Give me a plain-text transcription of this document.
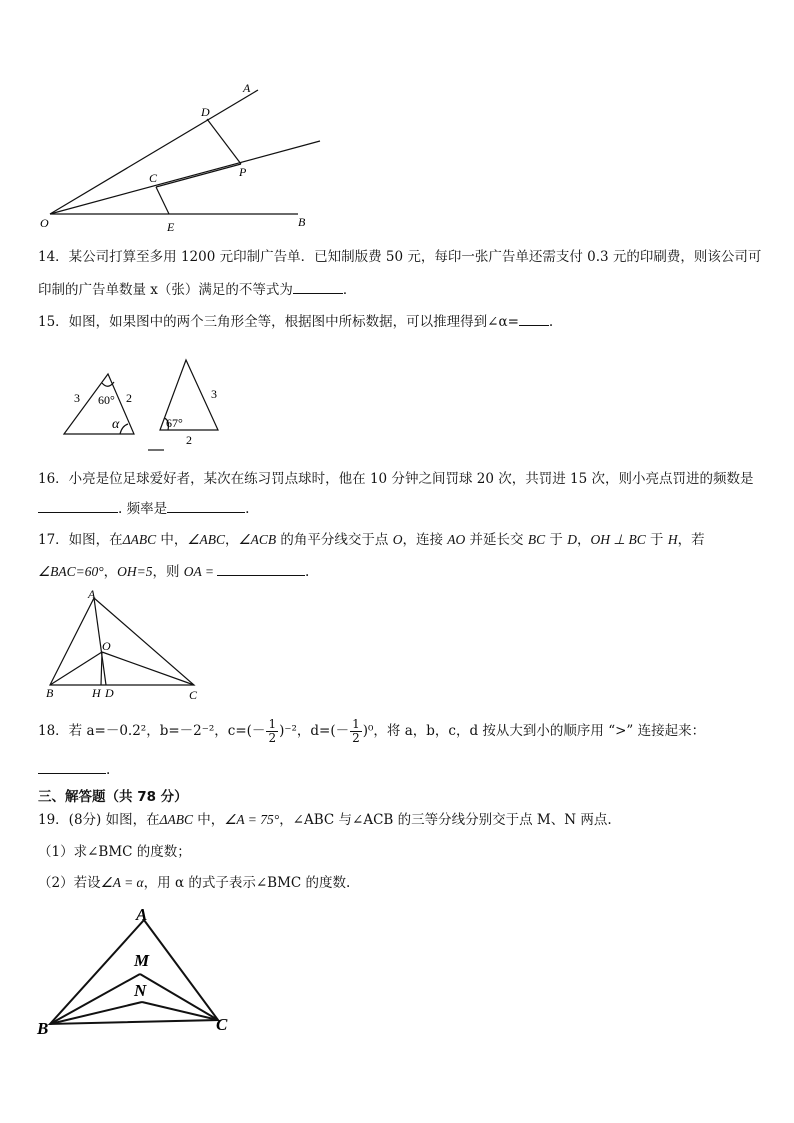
A
D
P
C
O	E	B
14．某公司打算至多用 1200 元印制广告单．已知制版费 50 元，每印一张广告单还需支付 0.3 元的印刷费，则该公司可
印制的广告单数量 x（张）满足的不等式为	．
15．如图，如果图中的两个三角形全等，根据图中所标数据，可以推理得到∠α= .
3 60° 2
α
3
67°
2
16．小亮是位足球爱好者，某次在练习罚点球时，他在 10 分钟之间罚球 20 次，共罚进 15 次，则小亮点罚进的频数是
. 频率是	.
17．如图，在ΔABC 中，∠ABC，∠ACB 的角平分线交于点 O，连接 AO 并延长交 BC 于 D，OH ⊥ BC 于 H，若
∠BAC=60°，OH=5，则 OA =	.
A
O
B	H D	C
18．若 a=－0.2²，b=－2⁻²，$c=(- \frac{1}{2} )^{-2}$，$d=(- \frac{1}{2} )^0$，将 a，b，c，d 按从大到小的顺序用 “>” 连接起来：
.
三、解答题（共 78 分）
19．(8分) 如图，在ΔABC 中，∠A = 75°，∠ABC 与∠ACB 的三等分线分别交于点 M、N 两点.
（1）求∠BMC 的度数；
（2）若设∠A = α，用 α 的式子表示∠BMC 的度数.
A
M
N
B	C
